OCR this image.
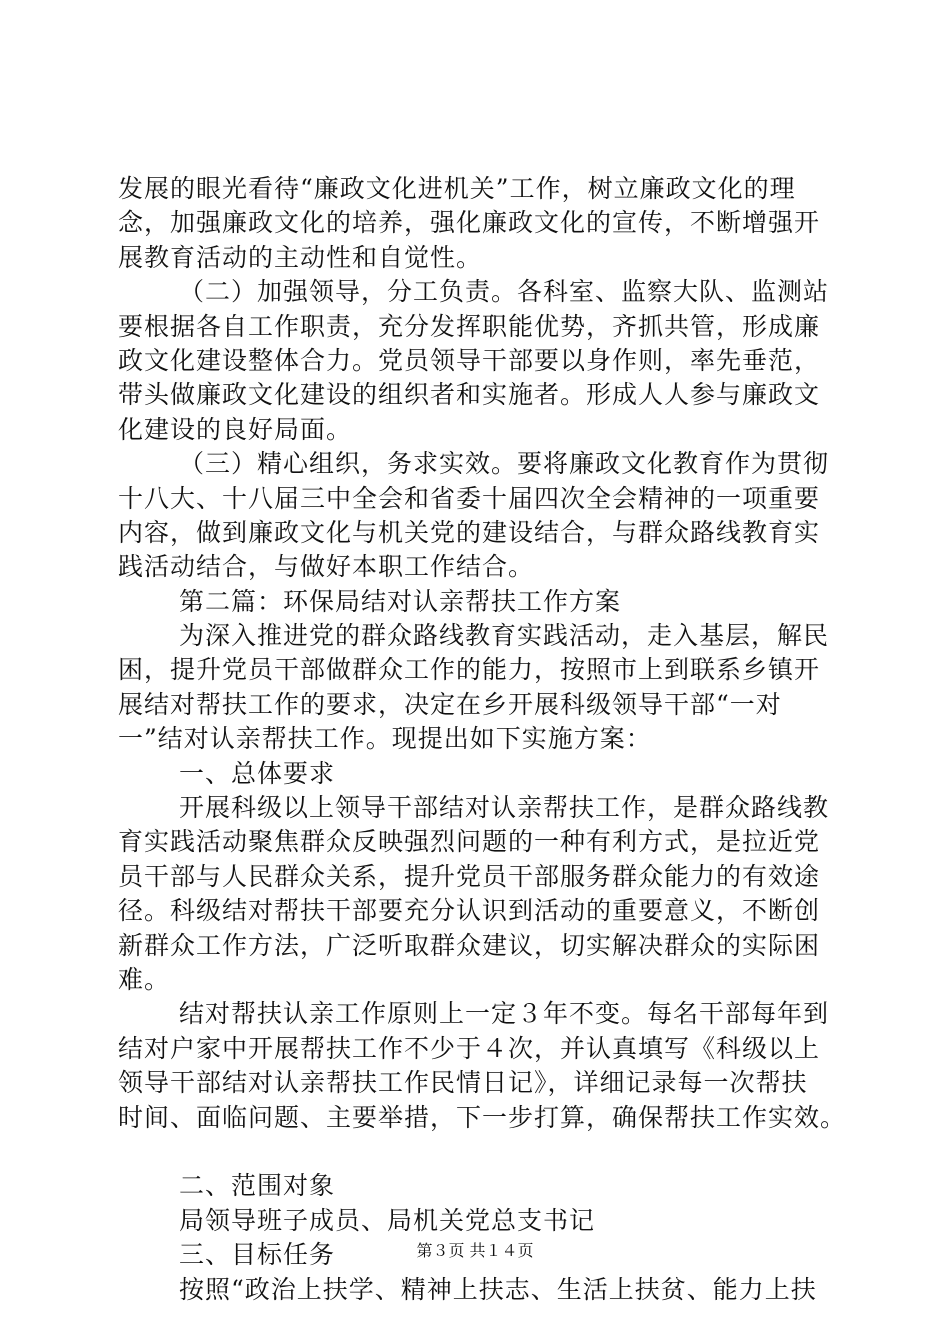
发展的眼光看待“廉政文化进机关”工作，树立廉政文化的理
念，加强廉政文化的培养，强化廉政文化的宣传，不断增强开
展教育活动的主动性和自觉性。
（二）加强领导，分工负责。各科室、监察大队、监测站
要根据各自工作职责，充分发挥职能优势，齐抓共管，形成廉
政文化建设整体合力。党员领导干部要以身作则，率先垂范，
带头做廉政文化建设的组织者和实施者。形成人人参与廉政文
化建设的良好局面。
（三）精心组织，务求实效。要将廉政文化教育作为贯彻
十八大、十八届三中全会和省委十届四次全会精神的一项重要
内容，做到廉政文化与机关党的建设结合，与群众路线教育实
践活动结合，与做好本职工作结合。
第二篇：环保局结对认亲帮扶工作方案
为深入推进党的群众路线教育实践活动，走入基层，解民
困，提升党员干部做群众工作的能力，按照市上到联系乡镇开
展结对帮扶工作的要求，决定在乡开展科级领导干部“一对
一”结对认亲帮扶工作。现提出如下实施方案：
一、总体要求
开展科级以上领导干部结对认亲帮扶工作，是群众路线教
育实践活动聚焦群众反映强烈问题的一种有利方式，是拉近党
员干部与人民群众关系，提升党员干部服务群众能力的有效途
径。科级结对帮扶干部要充分认识到活动的重要意义，不断创
新群众工作方法，广泛听取群众建议，切实解决群众的实际困
难。
结对帮扶认亲工作原则上一定３年不变。每名干部每年到
结对户家中开展帮扶工作不少于４次，并认真填写《科级以上
领导干部结对认亲帮扶工作民情日记》，详细记录每一次帮扶
时间、面临问题、主要举措，下一步打算，确保帮扶工作实效。
二、范围对象
局领导班子成员、局机关党总支书记
三、目标任务
按照“政治上扶学、精神上扶志、生活上扶贫、能力上扶
第３页 共１４页
